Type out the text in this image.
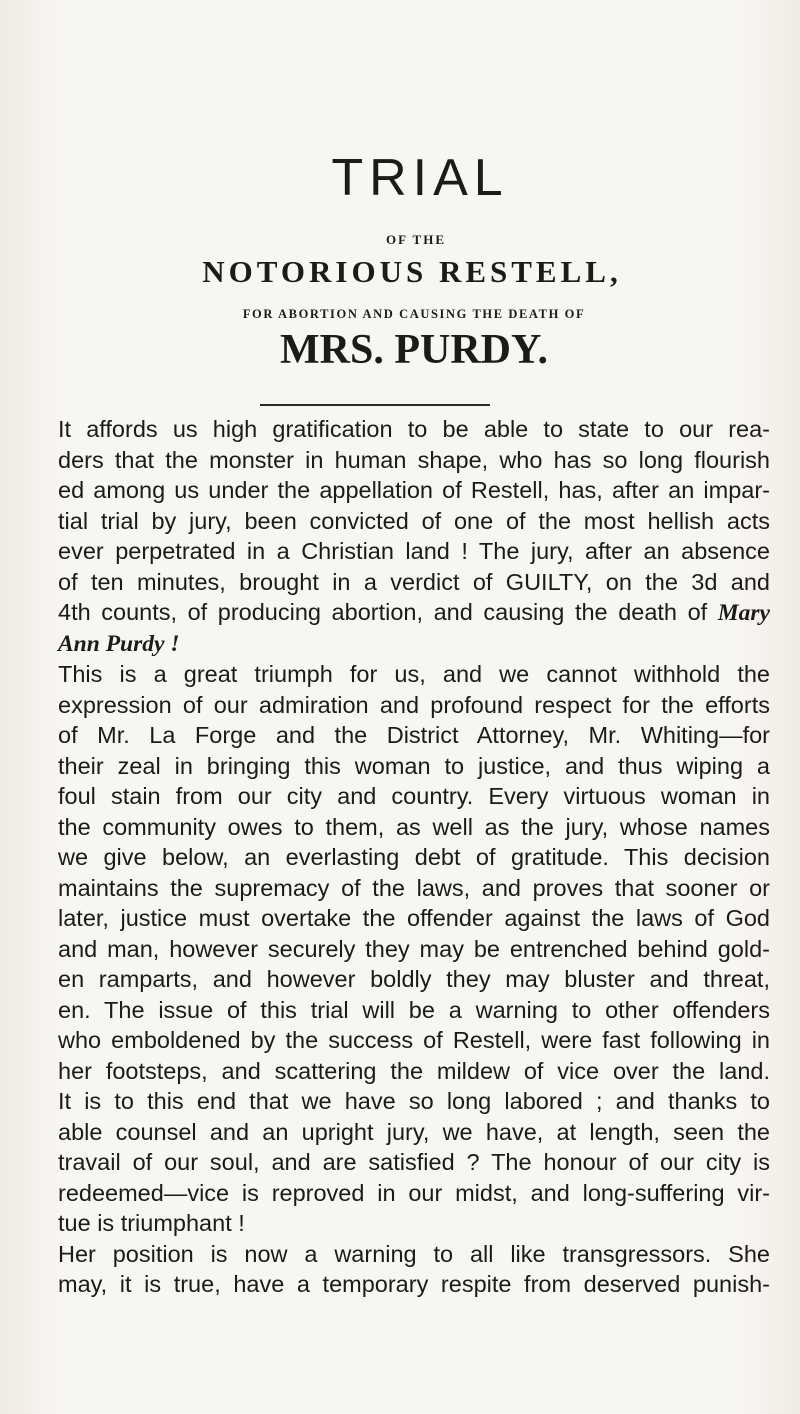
TRIAL
OF THE
NOTORIOUS RESTELL,
FOR ABORTION AND CAUSING THE DEATH OF
MRS. PURDY.
It affords us high gratification to be able to state to our rea-
ders that the monster in human shape, who has so long flourish
ed among us under the appellation of Restell, has, after an impar-
tial trial by jury, been convicted of one of the most hellish acts
ever perpetrated in a Christian land ! The jury, after an absence
of ten minutes, brought in a verdict of GUILTY, on the 3d and
4th counts, of producing abortion, and causing the death of Mary
Ann Purdy !
This is a great triumph for us, and we cannot withhold the
expression of our admiration and profound respect for the efforts
of Mr. La Forge and the District Attorney, Mr. Whiting—for
their zeal in bringing this woman to justice, and thus wiping a
foul stain from our city and country. Every virtuous woman in
the community owes to them, as well as the jury, whose names
we give below, an everlasting debt of gratitude. This decision
maintains the supremacy of the laws, and proves that sooner or
later, justice must overtake the offender against the laws of God
and man, however securely they may be entrenched behind gold-
en ramparts, and however boldly they may bluster and threat,
en. The issue of this trial will be a warning to other offenders
who emboldened by the success of Restell, were fast following in
her footsteps, and scattering the mildew of vice over the land.
It is to this end that we have so long labored ; and thanks to
able counsel and an upright jury, we have, at length, seen the
travail of our soul, and are satisfied ? The honour of our city is
redeemed—vice is reproved in our midst, and long-suffering vir-
tue is triumphant !
Her position is now a warning to all like transgressors. She
may, it is true, have a temporary respite from deserved punish-
